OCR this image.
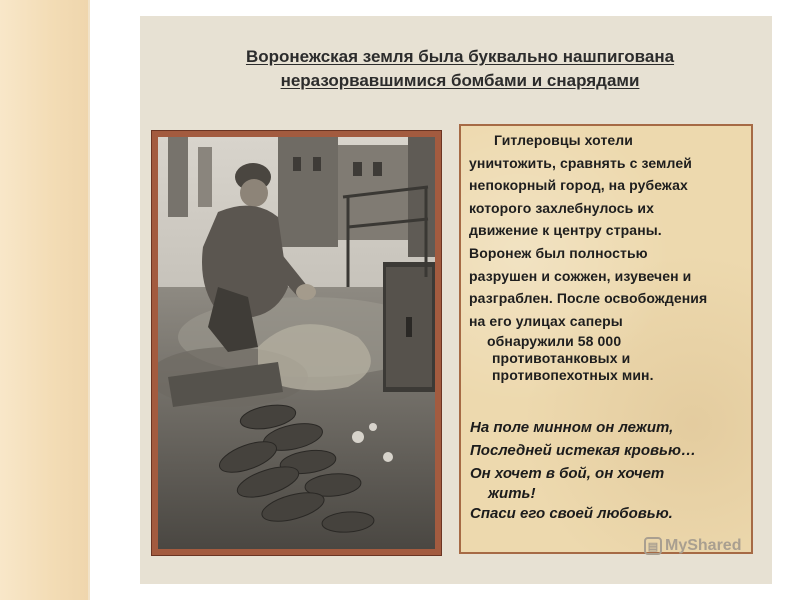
Воронежская земля была буквально нашпигована
неразорвавшимися бомбами и снарядами

Гитлеровцы хотели

уничтожить, сравнять с землей

непокорный город, на рубежах

которого захлебнулось их

движение к центру страны.

Воронеж был полностью

разрушен и сожжен, изувечен и

разграблен. После освобождения

на его улицах саперы

обнаружили 58 000

противотанковых и

противопехотных мин.

На поле минном он лежит,

Последней истекая кровью…

Он хочет в бой, он хочет

жить!

Спаси его своей любовью.

▤ MyShared
